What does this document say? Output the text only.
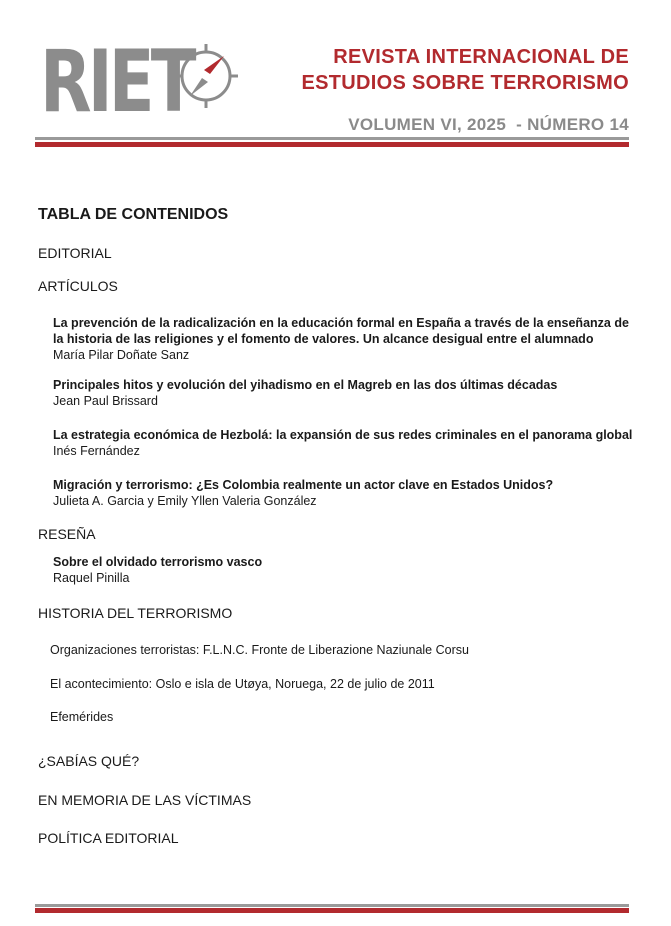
RIET	REVISTA INTERNACIONAL DE
ESTUDIOS SOBRE TERRORISMO
VOLUMEN VI, 2025  - NÚMERO 14
TABLA DE CONTENIDOS
EDITORIAL
ARTÍCULOS
La prevención de la radicalización en la educación formal en España a través de la enseñanza de
la historia de las religiones y el fomento de valores. Un alcance desigual entre el alumnado
María Pilar Doñate Sanz
Principales hitos y evolución del yihadismo en el Magreb en las dos últimas décadas
Jean Paul Brissard
La estrategia económica de Hezbolá: la expansión de sus redes criminales en el panorama global
Inés Fernández
Migración y terrorismo: ¿Es Colombia realmente un actor clave en Estados Unidos?
Julieta A. Garcia y Emily Yllen Valeria González
RESEÑA
Sobre el olvidado terrorismo vasco
Raquel Pinilla
HISTORIA DEL TERRORISMO
Organizaciones terroristas: F.L.N.C. Fronte de Liberazione Naziunale Corsu
El acontecimiento: Oslo e isla de Utøya, Noruega, 22 de julio de 2011
Efemérides
¿SABÍAS QUÉ?
EN MEMORIA DE LAS VÍCTIMAS
POLÍTICA EDITORIAL
